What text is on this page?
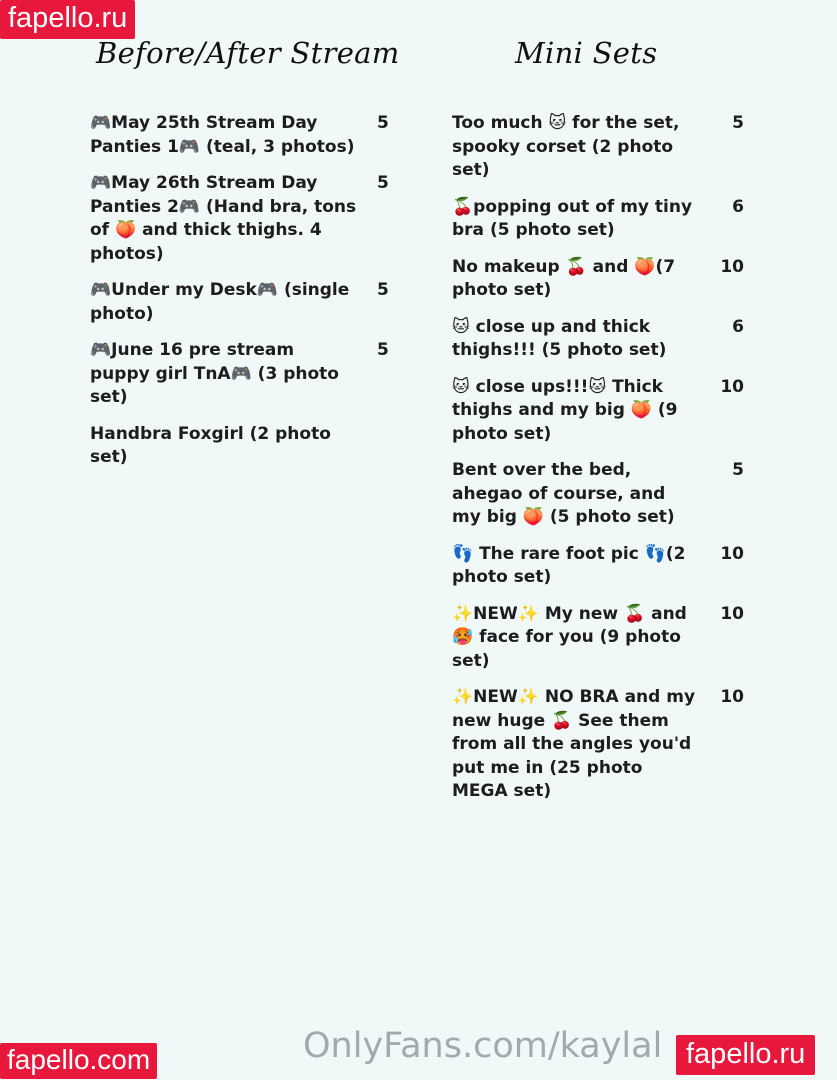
fapello.ru
Before/After Stream	Mini Sets
🎮May 25th Stream Day Panties 1🎮 (teal, 3 photos)
5
🎮May 26th Stream Day Panties 2🎮 (Hand bra, tons of 🍑 and thick thighs. 4 photos)
5
🎮Under my Desk🎮 (single photo)
5
🎮June 16 pre stream puppy girl TnA🎮 (3 photo set)
5
Handbra Foxgirl (2 photo set)
Too much 🐱 for the set, spooky corset (2 photo set)
5
🍒popping out of my tiny bra (5 photo set)
6
No makeup 🍒 and 🍑(7 photo set)
10
🐱 close up and thick thighs!!! (5 photo set)
6
🐱 close ups!!!🐱 Thick thighs and my big 🍑 (9 photo set)
10
Bent over the bed, ahegao of course, and my big 🍑 (5 photo set)
5
👣 The rare foot pic 👣(2 photo set)
10
✨NEW✨ My new 🍒 and 🥵 face for you (9 photo set)
10
✨NEW✨ NO BRA and my new huge 🍒 See them from all the angles you'd put me in (25 photo MEGA set)
10
OnlyFans.com/kaylal
fapello.com	fapello.ru
